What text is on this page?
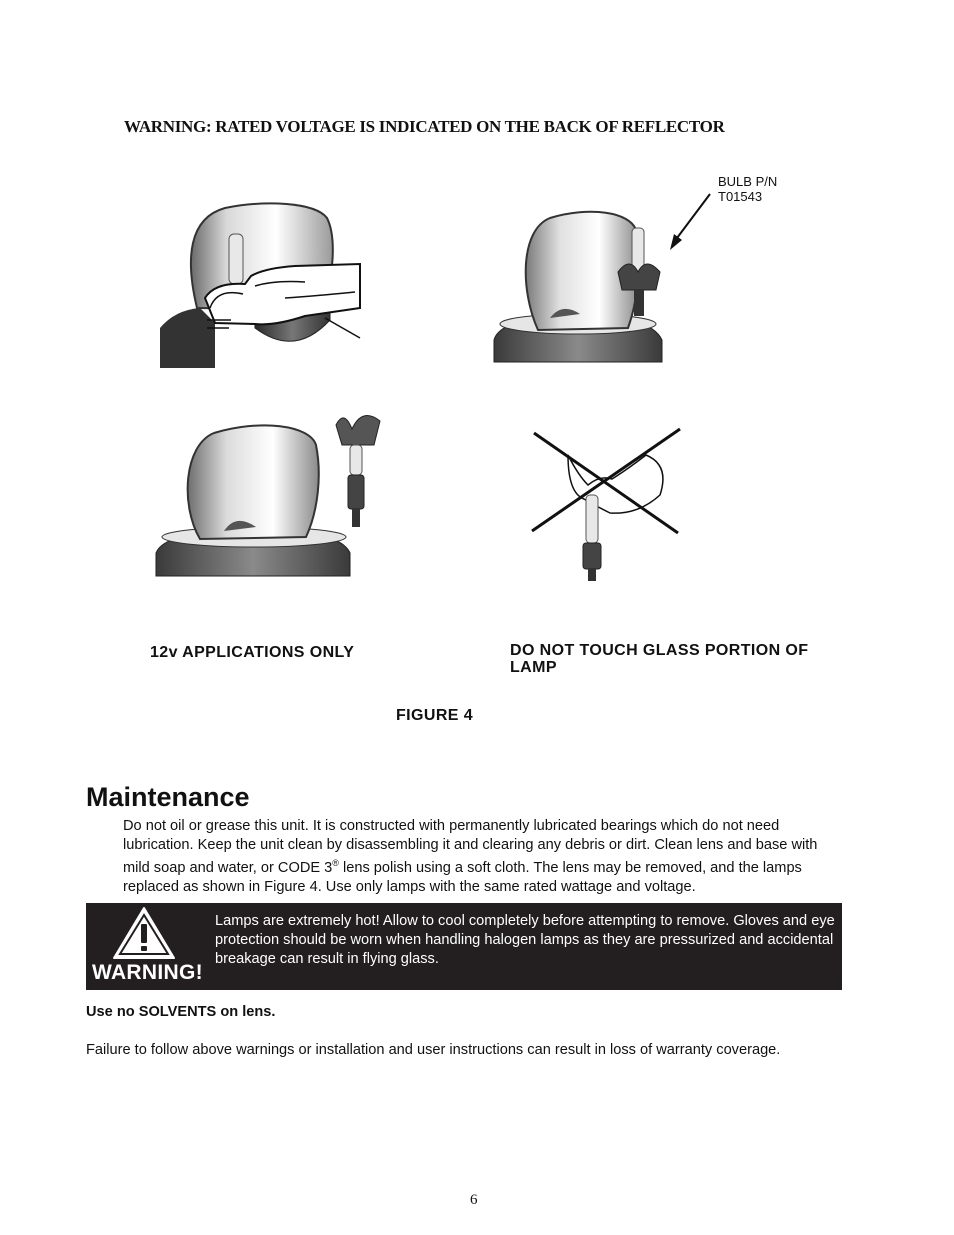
WARNING: RATED VOLTAGE IS INDICATED ON THE BACK OF REFLECTOR
BULB P/N
T01543
12v APPLICATIONS ONLY	DO NOT TOUCH GLASS PORTION OF LAMP
FIGURE 4
Maintenance
Do not oil or grease this unit. It is constructed with permanently lubricated bearings which do not need lubrication. Keep the unit clean by disassembling it and clearing any debris or dirt. Clean lens and base with mild soap and water, or CODE 3® lens polish using a soft cloth. The lens may be removed, and the lamps replaced as shown in Figure 4. Use only lamps with the same rated wattage and voltage.
WARNING!
Lamps are extremely hot! Allow to cool completely before attempting to remove. Gloves and eye protection should be worn when handling halogen lamps as they are pressurized and accidental breakage can result in flying glass.
Use no SOLVENTS on lens.
Failure to follow above warnings or installation and user instructions can result in loss of warranty coverage.
6
